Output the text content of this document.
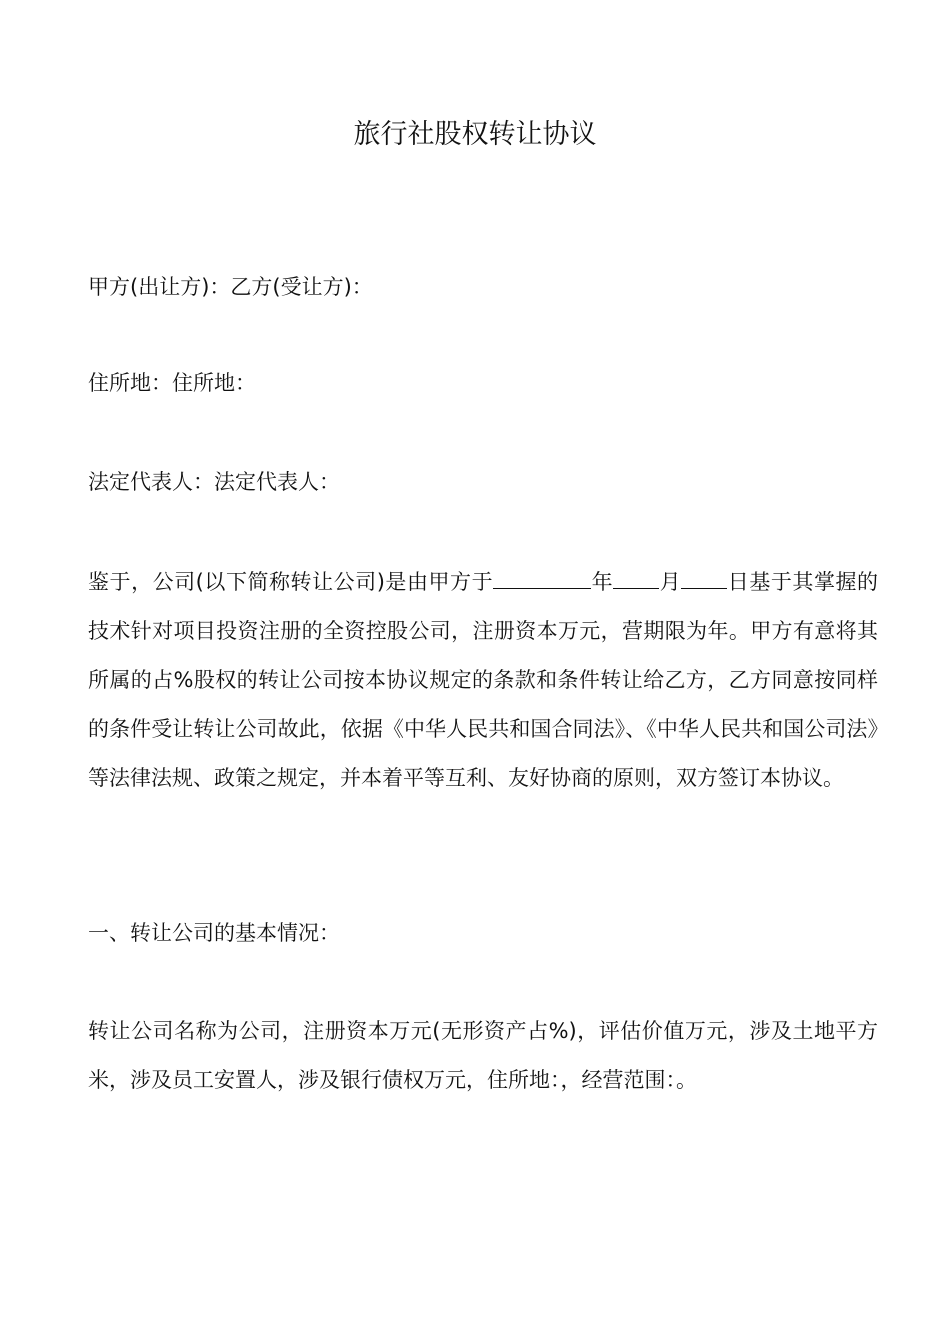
旅行社股权转让协议

甲方(出让方)：乙方(受让方)：

住所地：住所地：

法定代表人：法定代表人：

鉴于，公司(以下简称转让公司)是由甲方于	年 月 日基于其掌握的技术针对项目投资注册的全资控股公司，注册资本万元，营期限为年。甲方有意将其所属的占%股权的转让公司按本协议规定的条款和条件转让给乙方，乙方同意按同样的条件受让转让公司故此，依据《中华人民共和国合同法》、《中华人民共和国公司法》等法律法规、政策之规定，并本着平等互利、友好协商的原则，双方签订本协议。

一、转让公司的基本情况：

转让公司名称为公司，注册资本万元(无形资产占%)，评估价值万元，涉及土地平方米，涉及员工安置人，涉及银行债权万元，住所地：，经营范围：。
